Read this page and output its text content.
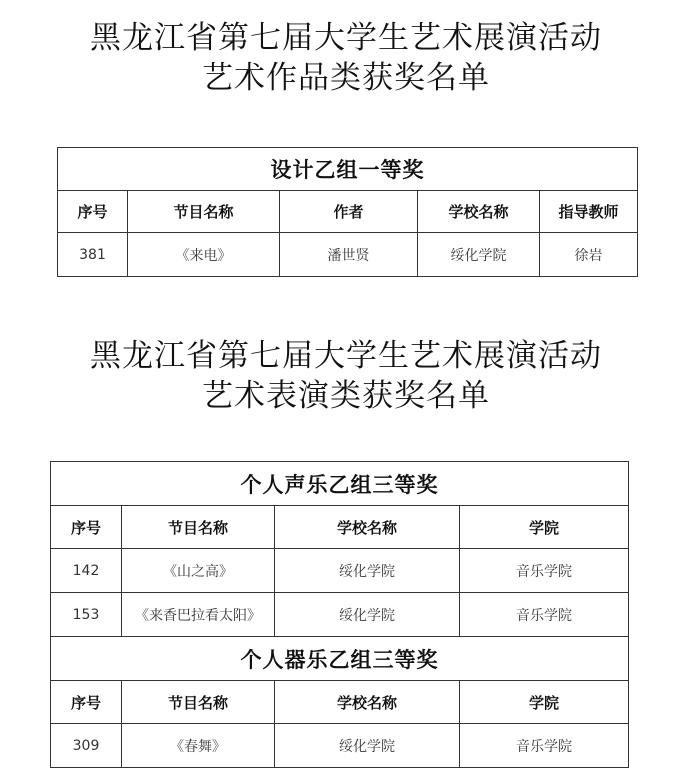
黑龙江省第七届大学生艺术展演活动
艺术作品类获奖名单
设计乙组一等奖				
序号	节目名称	作者	学校名称	指导教师
381	《来电》	潘世贤	绥化学院	徐岩
黑龙江省第七届大学生艺术展演活动
艺术表演类获奖名单
个人声乐乙组三等奖			
序号	节目名称	学校名称	学院
142	《山之高》	绥化学院	音乐学院
153	《来香巴拉看太阳》	绥化学院	音乐学院
个人器乐乙组三等奖			
序号	节目名称	学校名称	学院
309	《春舞》	绥化学院	音乐学院
